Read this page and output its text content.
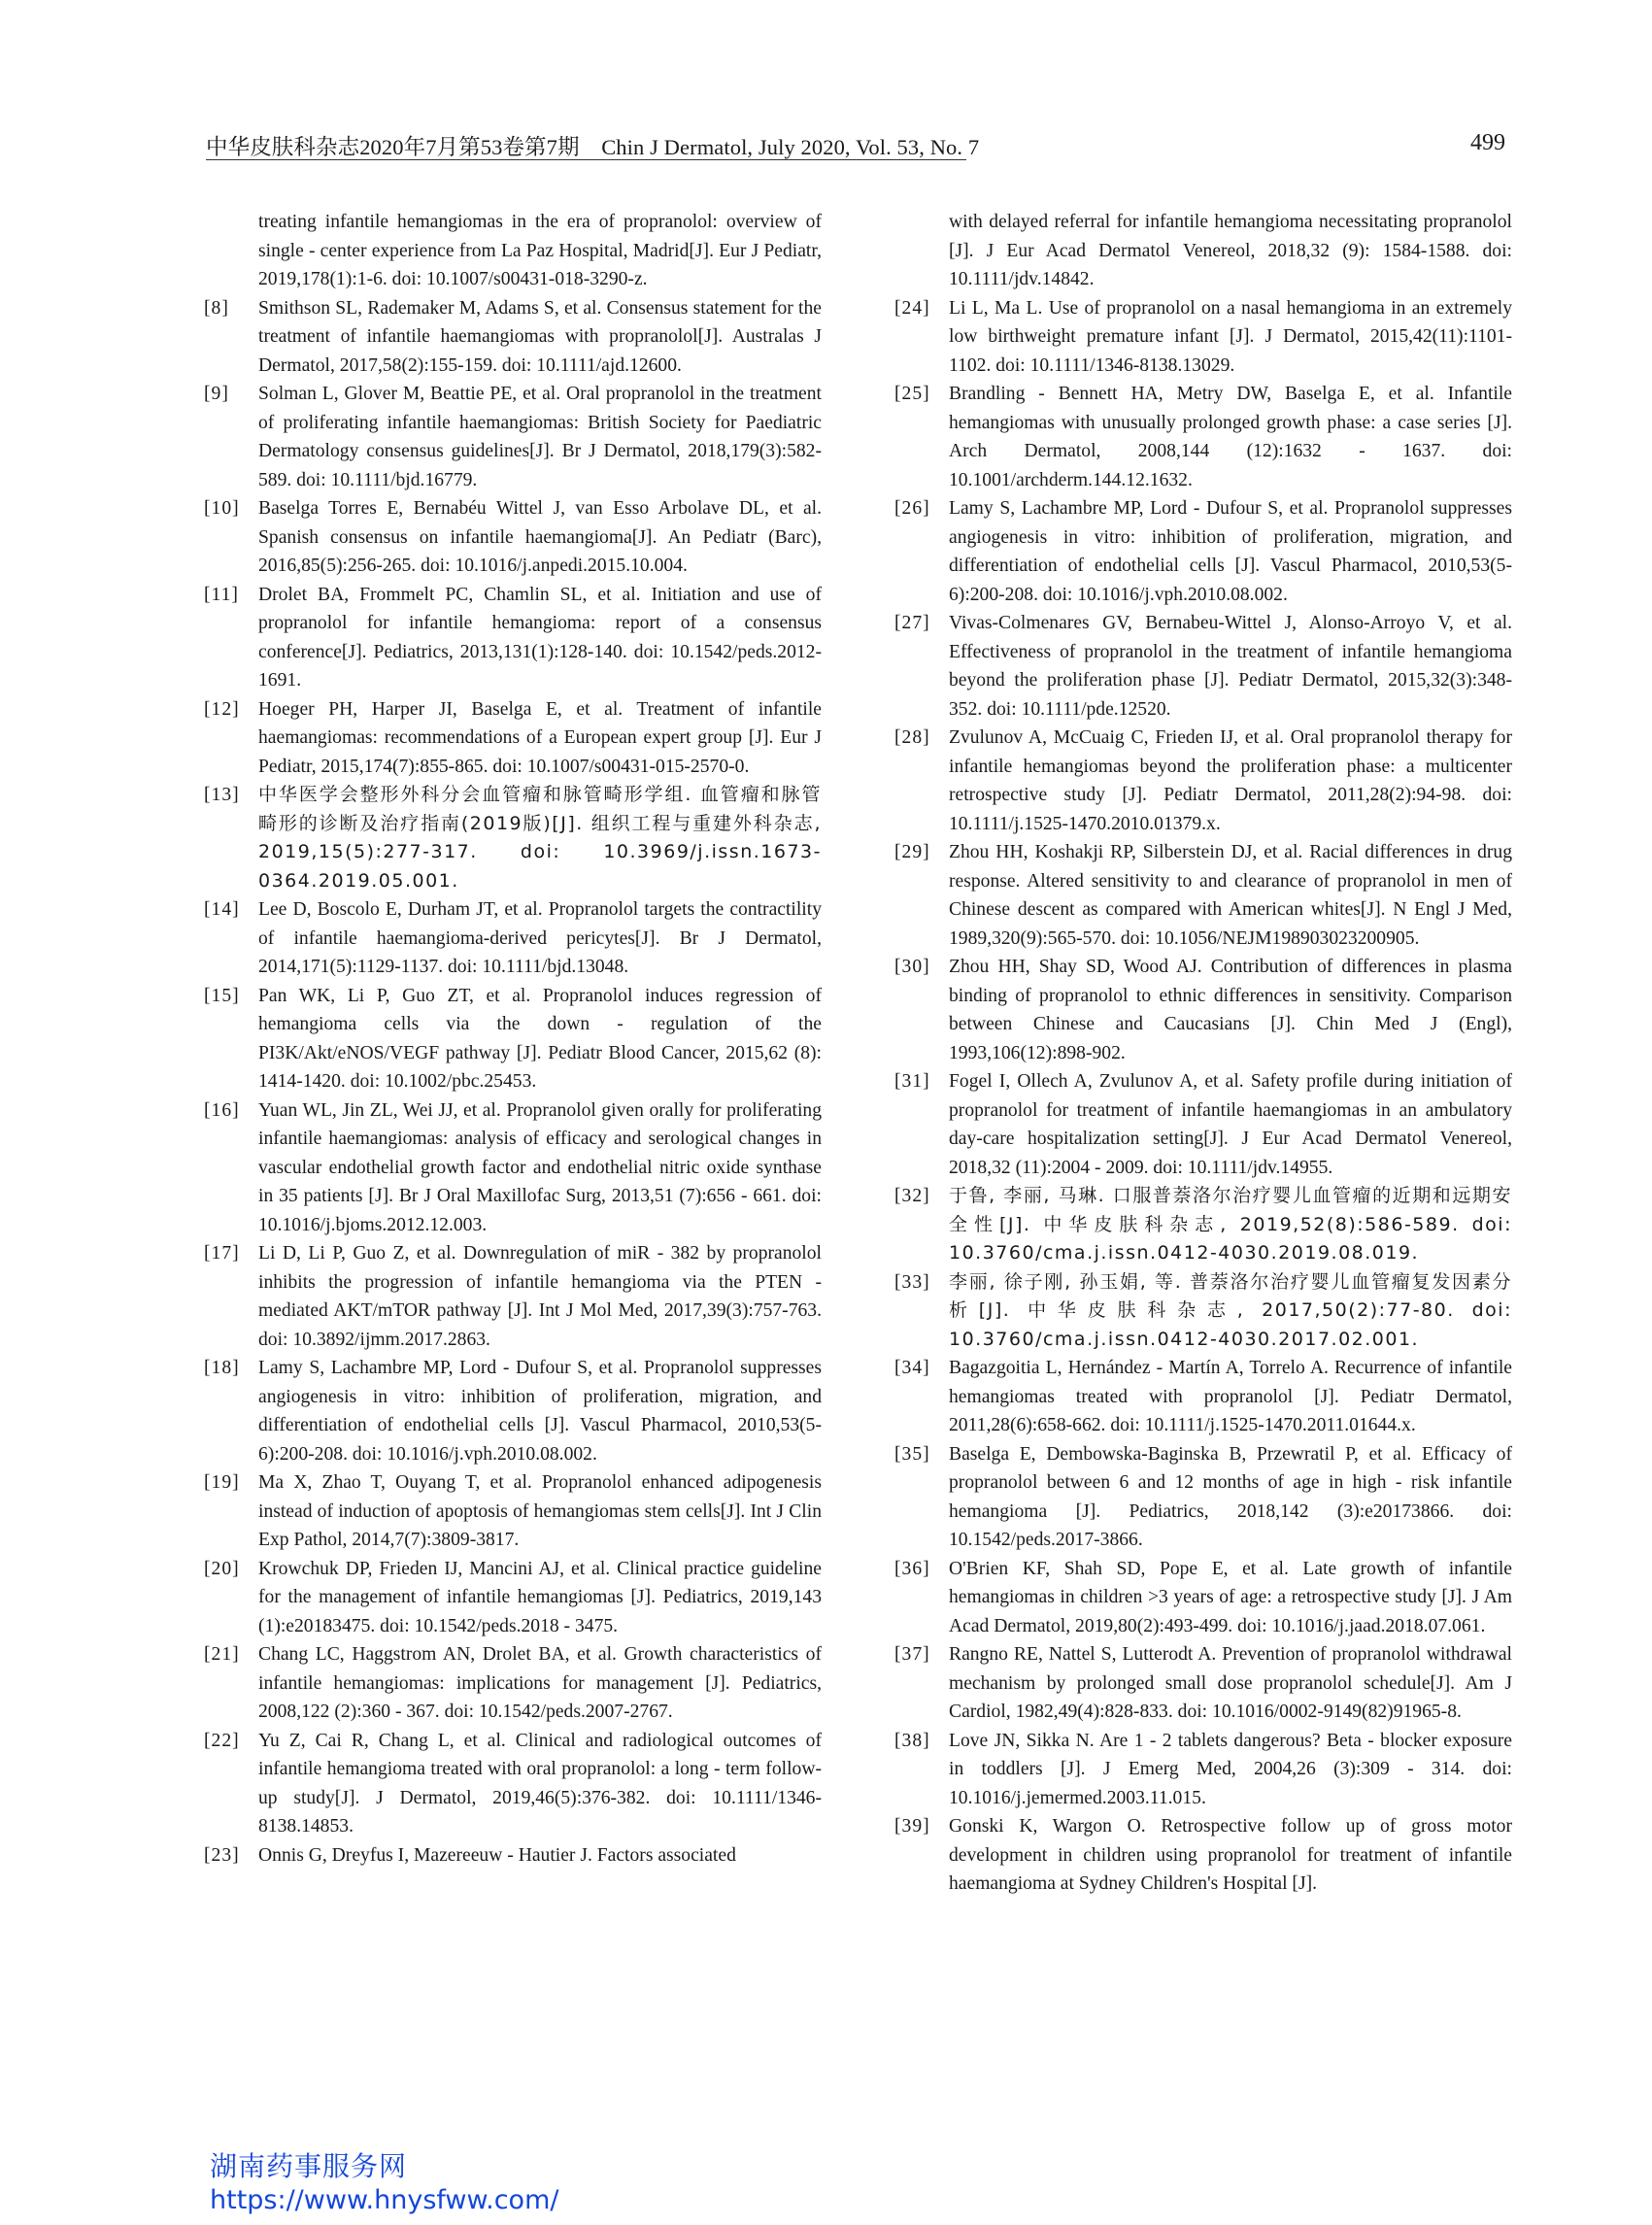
中华皮肤科杂志2020年7月第53卷第7期　Chin J Dermatol, July 2020, Vol. 53, No. 7	499
treating infantile hemangiomas in the era of propranolol: overview of single - center experience from La Paz Hospital, Madrid[J]. Eur J Pediatr, 2019,178(1):1-6. doi: 10.1007/s00431-018-3290-z.
[8]	Smithson SL, Rademaker M, Adams S, et al. Consensus statement for the treatment of infantile haemangiomas with propranolol[J]. Australas J Dermatol, 2017,58(2):155-159. doi: 10.1111/ajd.12600.
[9]	Solman L, Glover M, Beattie PE, et al. Oral propranolol in the treatment of proliferating infantile haemangiomas: British Society for Paediatric Dermatology consensus guidelines[J]. Br J Dermatol, 2018,179(3):582-589. doi: 10.1111/bjd.16779.
[10] Baselga Torres E, Bernabéu Wittel J, van Esso Arbolave DL, et al. Spanish consensus on infantile haemangioma[J]. An Pediatr (Barc), 2016,85(5):256-265. doi: 10.1016/j.anpedi.2015.10.004.
[11]	Drolet BA, Frommelt PC, Chamlin SL, et al. Initiation and use of propranolol for infantile hemangioma: report of a consensus conference[J]. Pediatrics, 2013,131(1):128-140. doi: 10.1542/peds.2012-1691.
[12] Hoeger PH, Harper JI, Baselga E, et al. Treatment of infantile haemangiomas: recommendations of a European expert group [J]. Eur J Pediatr, 2015,174(7):855-865. doi: 10.1007/s00431-015-2570-0.
[13]	中华医学会整形外科分会血管瘤和脉管畸形学组. 血管瘤和脉管畸形的诊断及治疗指南(2019版)[J]. 组织工程与重建外科杂志, 2019,15(5):277-317. doi: 10.3969/j.issn.1673-0364.2019.05.001.
[14] Lee D, Boscolo E, Durham JT, et al. Propranolol targets the contractility of infantile haemangioma-derived pericytes[J]. Br J Dermatol, 2014,171(5):1129-1137. doi: 10.1111/bjd.13048.
[15] Pan WK, Li P, Guo ZT, et al. Propranolol induces regression of hemangioma cells via the down - regulation of the PI3K/Akt/eNOS/VEGF pathway [J]. Pediatr Blood Cancer, 2015,62 (8): 1414-1420. doi: 10.1002/pbc.25453.
[16] Yuan WL, Jin ZL, Wei JJ, et al. Propranolol given orally for proliferating infantile haemangiomas: analysis of efficacy and serological changes in vascular endothelial growth factor and endothelial nitric oxide synthase in 35 patients [J]. Br J Oral Maxillofac Surg, 2013,51 (7):656 - 661. doi: 10.1016/j.bjoms.2012.12.003.
[17] Li D, Li P, Guo Z, et al. Downregulation of miR - 382 by propranolol inhibits the progression of infantile hemangioma via the PTEN - mediated AKT/mTOR pathway [J]. Int J Mol Med, 2017,39(3):757-763. doi: 10.3892/ijmm.2017.2863.
[18] Lamy S, Lachambre MP, Lord - Dufour S, et al. Propranolol suppresses angiogenesis in vitro: inhibition of proliferation, migration, and differentiation of endothelial cells [J]. Vascul Pharmacol, 2010,53(5-6):200-208. doi: 10.1016/j.vph.2010.08.002.
[19] Ma X, Zhao T, Ouyang T, et al. Propranolol enhanced adipogenesis instead of induction of apoptosis of hemangiomas stem cells[J]. Int J Clin Exp Pathol, 2014,7(7):3809-3817.
[20] Krowchuk DP, Frieden IJ, Mancini AJ, et al. Clinical practice guideline for the management of infantile hemangiomas [J]. Pediatrics, 2019,143 (1):e20183475. doi: 10.1542/peds.2018 - 3475.
[21] Chang LC, Haggstrom AN, Drolet BA, et al. Growth characteristics of infantile hemangiomas: implications for management [J]. Pediatrics, 2008,122 (2):360 - 367. doi: 10.1542/peds.2007-2767.
[22] Yu Z, Cai R, Chang L, et al. Clinical and radiological outcomes of infantile hemangioma treated with oral propranolol: a long - term follow-up study[J]. J Dermatol, 2019,46(5):376-382. doi: 10.1111/1346-8138.14853.
[23] Onnis G, Dreyfus I, Mazereeuw - Hautier J. Factors associated
with delayed referral for infantile hemangioma necessitating propranolol [J]. J Eur Acad Dermatol Venereol, 2018,32 (9): 1584-1588. doi: 10.1111/jdv.14842.
[24] Li L, Ma L. Use of propranolol on a nasal hemangioma in an extremely low birthweight premature infant [J]. J Dermatol, 2015,42(11):1101-1102. doi: 10.1111/1346-8138.13029.
[25] Brandling - Bennett HA, Metry DW, Baselga E, et al. Infantile hemangiomas with unusually prolonged growth phase: a case series [J]. Arch Dermatol, 2008,144 (12):1632 - 1637. doi: 10.1001/archderm.144.12.1632.
[26] Lamy S, Lachambre MP, Lord - Dufour S, et al. Propranolol suppresses angiogenesis in vitro: inhibition of proliferation, migration, and differentiation of endothelial cells [J]. Vascul Pharmacol, 2010,53(5-6):200-208. doi: 10.1016/j.vph.2010.08.002.
[27] Vivas-Colmenares GV, Bernabeu-Wittel J, Alonso-Arroyo V, et al. Effectiveness of propranolol in the treatment of infantile hemangioma beyond the proliferation phase [J]. Pediatr Dermatol, 2015,32(3):348-352. doi: 10.1111/pde.12520.
[28] Zvulunov A, McCuaig C, Frieden IJ, et al. Oral propranolol therapy for infantile hemangiomas beyond the proliferation phase: a multicenter retrospective study [J]. Pediatr Dermatol, 2011,28(2):94-98. doi: 10.1111/j.1525-1470.2010.01379.x.
[29] Zhou HH, Koshakji RP, Silberstein DJ, et al. Racial differences in drug response. Altered sensitivity to and clearance of propranolol in men of Chinese descent as compared with American whites[J]. N Engl J Med, 1989,320(9):565-570. doi: 10.1056/NEJM198903023200905.
[30] Zhou HH, Shay SD, Wood AJ. Contribution of differences in plasma binding of propranolol to ethnic differences in sensitivity. Comparison between Chinese and Caucasians [J]. Chin Med J (Engl), 1993,106(12):898-902.
[31] Fogel I, Ollech A, Zvulunov A, et al. Safety profile during initiation of propranolol for treatment of infantile haemangiomas in an ambulatory day-care hospitalization setting[J]. J Eur Acad Dermatol Venereol, 2018,32 (11):2004 - 2009. doi: 10.1111/jdv.14955.
[32]	于鲁, 李丽, 马琳. 口服普萘洛尔治疗婴儿血管瘤的近期和远期安全性[J]. 中华皮肤科杂志, 2019,52(8):586-589. doi: 10.3760/cma.j.issn.0412-4030.2019.08.019.
[33]	李丽, 徐子刚, 孙玉娟, 等. 普萘洛尔治疗婴儿血管瘤复发因素分析[J]. 中华皮肤科杂志, 2017,50(2):77-80. doi: 10.3760/cma.j.issn.0412-4030.2017.02.001.
[34] Bagazgoitia L, Hernández - Martín A, Torrelo A. Recurrence of infantile hemangiomas treated with propranolol [J]. Pediatr Dermatol, 2011,28(6):658-662. doi: 10.1111/j.1525-1470.2011.01644.x.
[35] Baselga E, Dembowska-Baginska B, Przewratil P, et al. Efficacy of propranolol between 6 and 12 months of age in high - risk infantile hemangioma [J]. Pediatrics, 2018,142 (3):e20173866. doi: 10.1542/peds.2017-3866.
[36] O'Brien KF, Shah SD, Pope E, et al. Late growth of infantile hemangiomas in children >3 years of age: a retrospective study [J]. J Am Acad Dermatol, 2019,80(2):493-499. doi: 10.1016/j.jaad.2018.07.061.
[37] Rangno RE, Nattel S, Lutterodt A. Prevention of propranolol withdrawal mechanism by prolonged small dose propranolol schedule[J]. Am J Cardiol, 1982,49(4):828-833. doi: 10.1016/0002-9149(82)91965-8.
[38] Love JN, Sikka N. Are 1 - 2 tablets dangerous? Beta - blocker exposure in toddlers [J]. J Emerg Med, 2004,26 (3):309 - 314. doi: 10.1016/j.jemermed.2003.11.015.
[39] Gonski K, Wargon O. Retrospective follow up of gross motor development in children using propranolol for treatment of infantile haemangioma at Sydney Children's Hospital [J].
湖南药事服务网
https://www.hnysfww.com/
